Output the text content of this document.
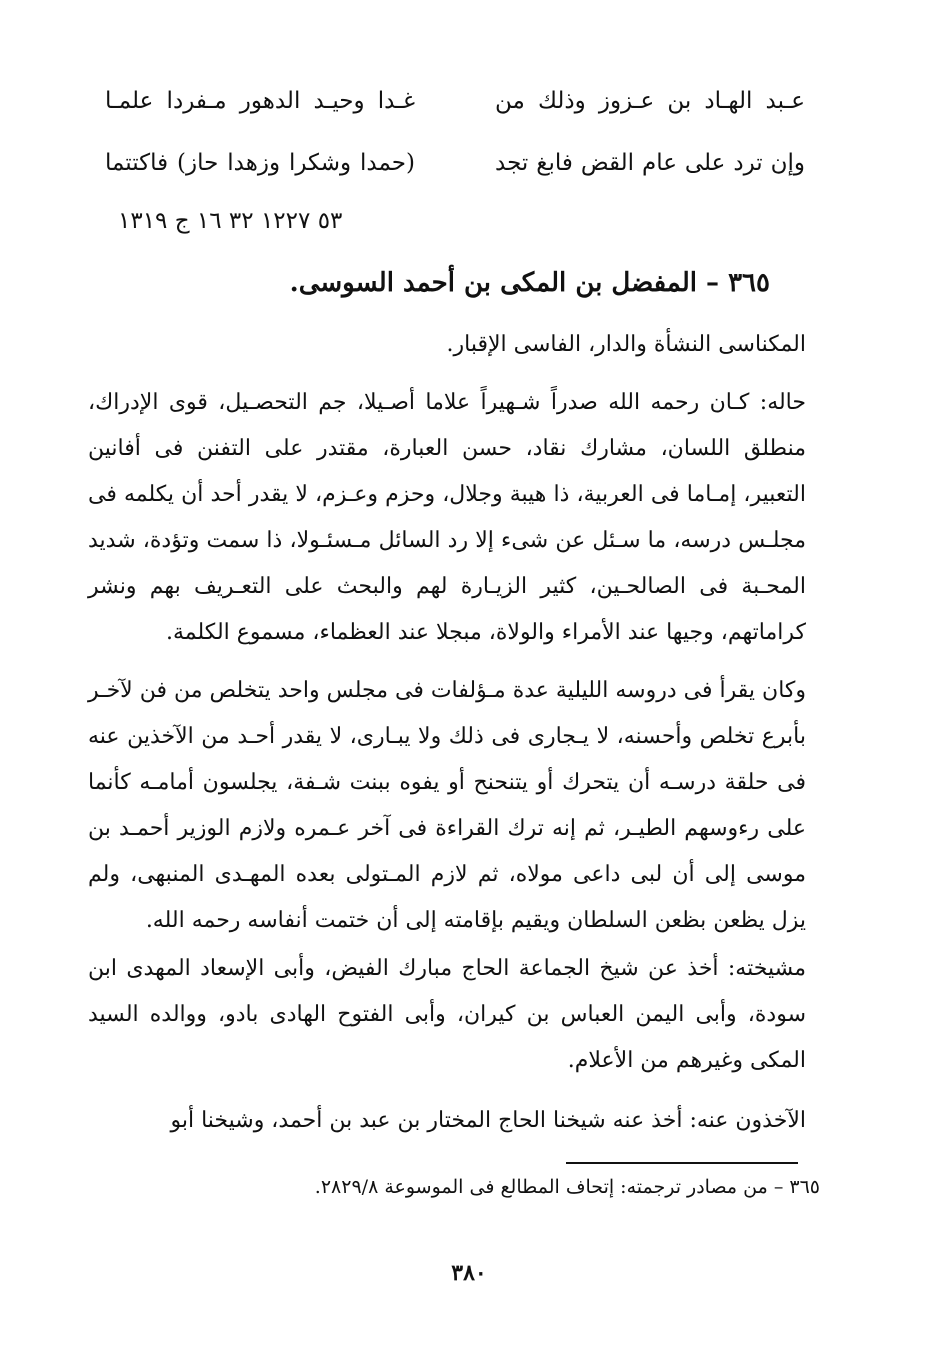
عـبد الهـاد بن عـزوز وذلك من
غـدا وحيـد الدهور مـفردا علمـا
وإن ترد على عام القض فابغ تجد
(حمدا وشكرا وزهدا حاز) فاكتتما
٥٣ ١٢٢٧ ٣٢ ١٦ ج ١٣١٩
٣٦٥ – المفضل بن المكى بن أحمد السوسى.

المكناسى النشأة والدار، الفاسى الإقبار.

حاله: كـان رحمه الله صدراً شـهيراً علاما أصـيلا، جم التحصـيل، قوى الإدراك، منطلق اللسان، مشارك نقاد، حسن العبارة، مقتدر على التفنن فى أفانين التعبير، إمـاما فى العربية، ذا هيبة وجلال، وحزم وعـزم، لا يقدر أحد أن يكلمه فى مجلـس درسه، ما سـئل عن شىء إلا رد السائل مـسئـولا، ذا سمت وتؤدة، شديد المحـبة فى الصالحـين، كثير الزيـارة لهم والبحث على التعـريف بهم ونشر كراماتهم، وجيها عند الأمراء والولاة، مبجلا عند العظماء، مسموع الكلمة.

وكان يقرأ فى دروسه الليلية عدة مـؤلفات فى مجلس واحد يتخلص من فن لآخـر بأبرع تخلص وأحسنه، لا يـجارى فى ذلك ولا يبـارى، لا يقدر أحـد من الآخذين عنه فى حلقة درسـه أن يتحرك أو يتنحنح أو يفوه ببنت شـفة، يجلسون أمامـه كأنما على رءوسهم الطيـر، ثم إنه ترك القراءة فى آخر عـمره ولازم الوزير أحمـد بن موسى إلى أن لبى داعى مولاه، ثم لازم المـتولى بعده المهـدى المنبهى، ولم يزل يظعن بظعن السلطان ويقيم بإقامته إلى أن ختمت أنفاسه رحمه الله.

مشيخته: أخذ عن شيخ الجماعة الحاج مبارك الفيض، وأبى الإسعاد المهدى ابن سودة، وأبى اليمن العباس بن كيران، وأبى الفتوح الهادى بادو، ووالده السيد المكى وغيرهم من الأعلام.

الآخذون عنه: أخذ عنه شيخنا الحاج المختار بن عبد بن أحمد، وشيخنا أبو

٣٦٥ – من مصادر ترجمته: إتحاف المطالع فى الموسوعة ٢٨٢٩/٨.
٣٨٠
